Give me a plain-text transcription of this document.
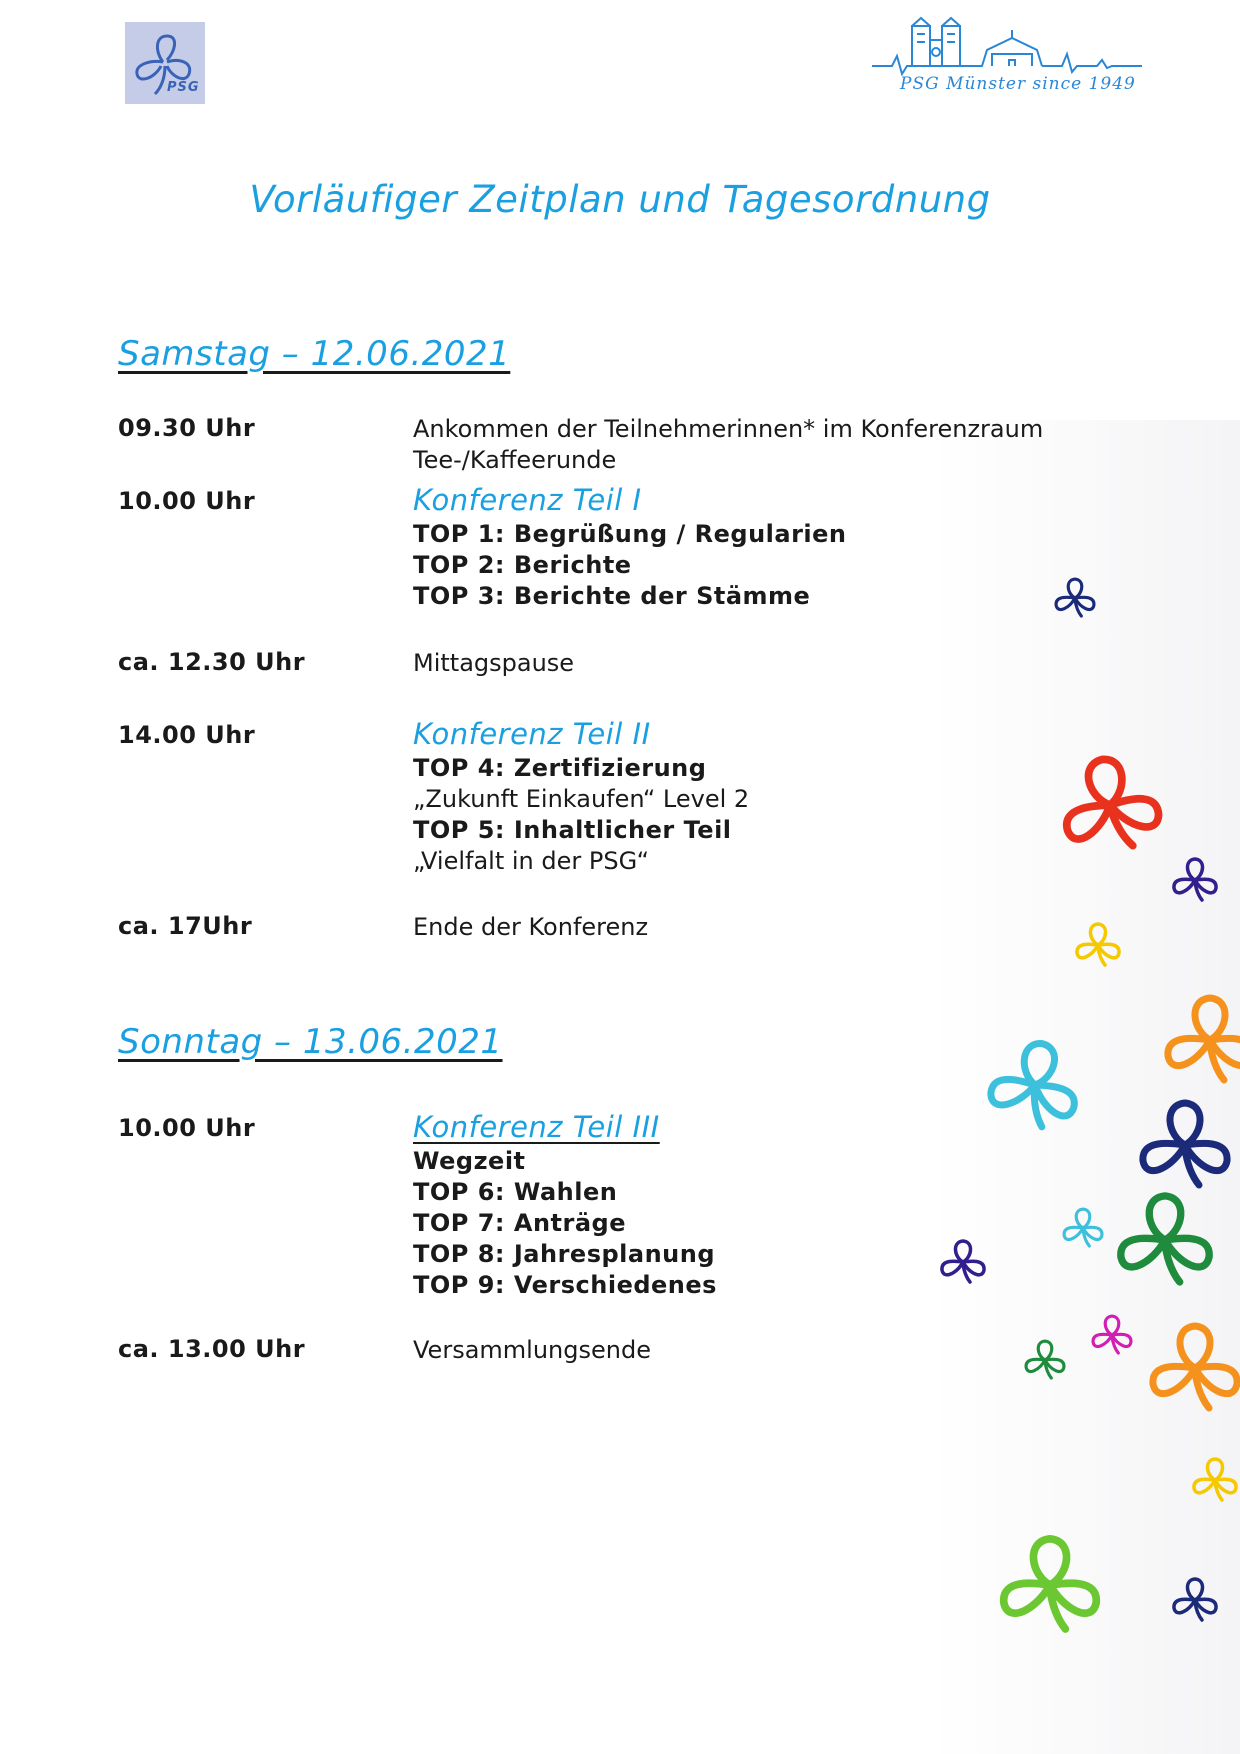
PSG	PSG Münster since 1949
Vorläufiger Zeitplan und Tagesordnung
Samstag – 12.06.2021
09.30 Uhr	Ankommen der Teilnehmerinnen* im Konferenzraum
Tee-/Kaffeerunde
10.00 Uhr	Konferenz Teil I
TOP 1: Begrüßung / Regularien
TOP 2: Berichte
TOP 3: Berichte der Stämme
ca. 12.30 Uhr	Mittagspause
14.00 Uhr	Konferenz Teil II
TOP 4: Zertifizierung
„Zukunft Einkaufen“ Level 2
TOP 5: Inhaltlicher Teil
„Vielfalt in der PSG“
ca. 17Uhr	Ende der Konferenz
Sonntag – 13.06.2021
10.00 Uhr	Konferenz Teil III
Wegzeit
TOP 6: Wahlen
TOP 7: Anträge
TOP 8: Jahresplanung
TOP 9: Verschiedenes
ca. 13.00 Uhr	Versammlungsende
